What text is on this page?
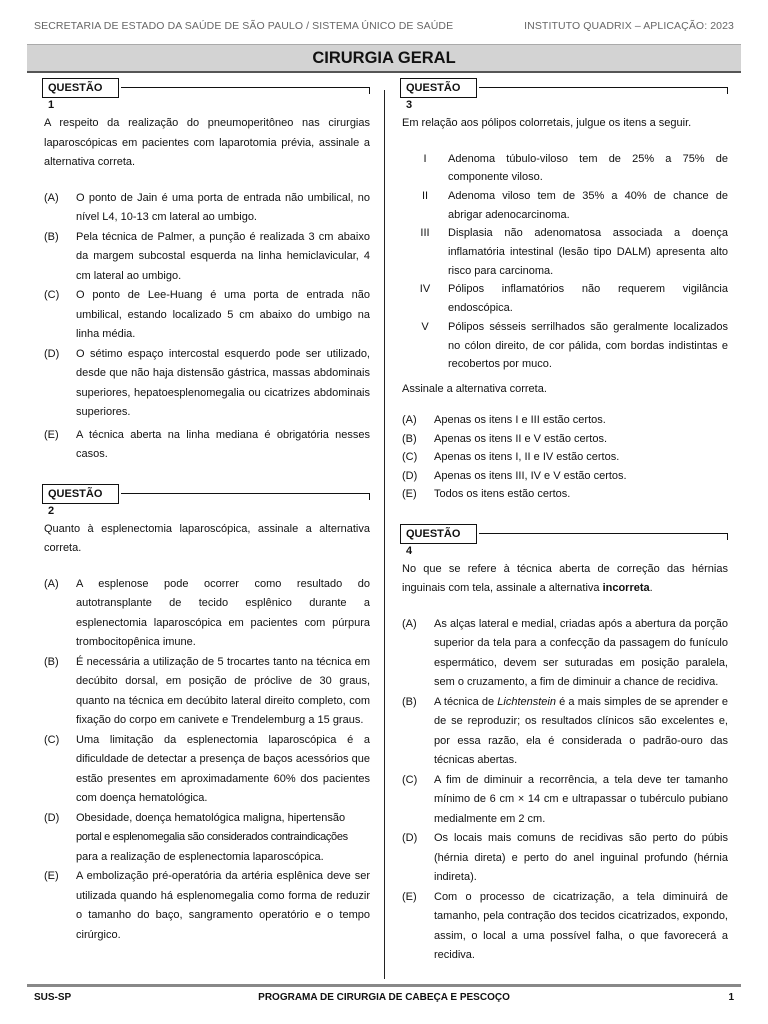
SECRETARIA DE ESTADO DA SAÚDE DE SÃO PAULO / SISTEMA ÚNICO DE SAÚDE	INSTITUTO QUADRIX – APLICAÇÃO: 2023
CIRURGIA GERAL
QUESTÃO 1

A respeito da realização do pneumoperitôneo nas cirurgias laparoscópicas em pacientes com laparotomia prévia, assinale a alternativa correta.

(A)	O ponto de Jain é uma porta de entrada não umbilical, no nível L4, 10-13 cm lateral ao umbigo.
(B)	Pela técnica de Palmer, a punção é realizada 3 cm abaixo da margem subcostal esquerda na linha hemiclavicular, 4 cm lateral ao umbigo.
(C)	O ponto de Lee-Huang é uma porta de entrada não umbilical, estando localizado 5 cm abaixo do umbigo na linha média.
(D)	O sétimo espaço intercostal esquerdo pode ser utilizado, desde que não haja distensão gástrica, massas abdominais superiores, hepatoesplenomegalia ou cicatrizes abdominais superiores.
(E)	A técnica aberta na linha mediana é obrigatória nesses casos.
QUESTÃO 2

Quanto à esplenectomia laparoscópica, assinale a alternativa correta.

(A)	A esplenose pode ocorrer como resultado do autotransplante de tecido esplênico durante a esplenectomia laparoscópica em pacientes com púrpura trombocitopênica imune.
(B)	É necessária a utilização de 5 trocartes tanto na técnica em decúbito dorsal, em posição de próclive de 30 graus, quanto na técnica em decúbito lateral direito completo, com fixação do corpo em canivete e Trendelemburg a 15 graus.
(C)	Uma limitação da esplenectomia laparoscópica é a dificuldade de detectar a presença de baços acessórios que estão presentes em aproximadamente 60% dos pacientes com doença hematológica.
(D)	Obesidade, doença hematológica maligna, hipertensão
portal e esplenomegalia são considerados contraindicações
para a realização de esplenectomia laparoscópica.
(E)	A embolização pré-operatória da artéria esplênica deve ser utilizada quando há esplenomegalia como forma de reduzir o tamanho do baço, sangramento operatório e o tempo cirúrgico.
QUESTÃO 3

Em relação aos pólipos colorretais, julgue os itens a seguir.

I	Adenoma túbulo-viloso tem de 25% a 75% de componente viloso.
II	Adenoma viloso tem de 35% a 40% de chance de abrigar adenocarcinoma.
III	Displasia não adenomatosa associada a doença inflamatória intestinal (lesão tipo DALM) apresenta alto risco para carcinoma.
IV	Pólipos inflamatórios não requerem vigilância endoscópica.
V	Pólipos sésseis serrilhados são geralmente localizados no cólon direito, de cor pálida, com bordas indistintas e recobertos por muco.

Assinale a alternativa correta.

(A)	Apenas os itens I e III estão certos.
(B)	Apenas os itens II e V estão certos.
(C)	Apenas os itens I, II e IV estão certos.
(D)	Apenas os itens III, IV e V estão certos.
(E)	Todos os itens estão certos.
QUESTÃO 4

No que se refere à técnica aberta de correção das hérnias inguinais com tela, assinale a alternativa incorreta.

(A)	As alças lateral e medial, criadas após a abertura da porção superior da tela para a confecção da passagem do funículo espermático, devem ser suturadas em posição paralela, sem o cruzamento, a fim de diminuir a chance de recidiva.
(B)	A técnica de Lichtenstein é a mais simples de se aprender e de se reproduzir; os resultados clínicos são excelentes e, por essa razão, ela é considerada o padrão-ouro das técnicas abertas.
(C)	A fim de diminuir a recorrência, a tela deve ter tamanho mínimo de 6 cm × 14 cm e ultrapassar o tubérculo pubiano medialmente em 2 cm.
(D)	Os locais mais comuns de recidivas são perto do púbis (hérnia direta) e perto do anel inguinal profundo (hérnia indireta).
(E)	Com o processo de cicatrização, a tela diminuirá de tamanho, pela contração dos tecidos cicatrizados, expondo, assim, o local a uma possível falha, o que favorecerá a recidiva.
SUS-SP	PROGRAMA DE CIRURGIA DE CABEÇA E PESCOÇO	1
